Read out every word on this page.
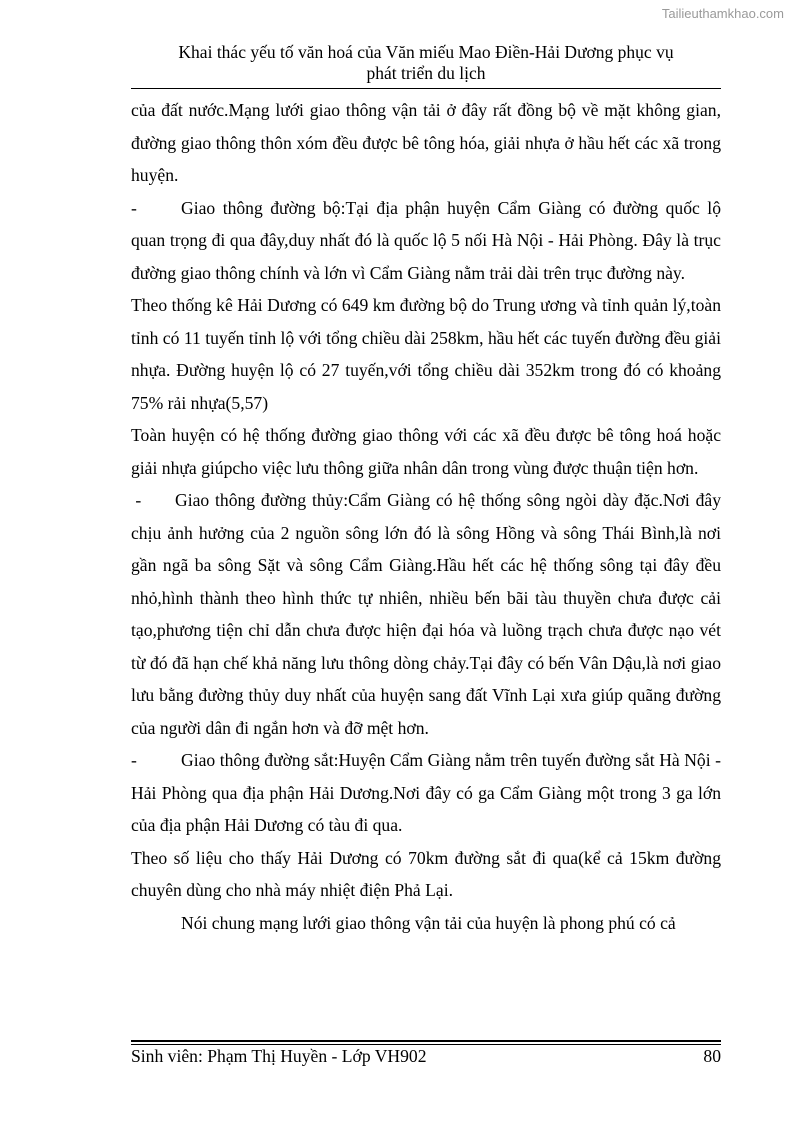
Tailieuthamkhao.com
Khai thác yếu tố văn hoá của Văn miếu Mao Điền-Hải Dương phục vụ
phát triển du lịch

của đất nước.Mạng lưới giao thông vận tải ở đây rất đồng bộ về mặt không gian, đường giao thông thôn xóm đều được bê tông hóa, giải nhựa ở hầu hết các xã trong huyện.

-	Giao thông đường bộ:Tại địa phận huyện Cẩm Giàng có đường quốc lộ quan trọng đi qua đây,duy nhất đó là quốc lộ 5 nối Hà Nội - Hải Phòng. Đây là trục đường giao thông chính và lớn vì Cẩm Giàng nằm trải dài trên trục đường này.

Theo thống kê Hải Dương có 649 km đường bộ do Trung ương và tỉnh quản lý,toàn tỉnh có 11 tuyến tỉnh lộ với tổng chiều dài 258km, hầu hết các tuyến đường đều giải nhựa. Đường huyện lộ có 27 tuyến,với tổng chiều dài 352km trong đó có khoảng 75% rải nhựa(5,57)

Toàn huyện có hệ thống đường giao thông với các xã đều được bê tông hoá hoặc giải nhựa giúpcho việc lưu thông giữa nhân dân trong vùng được thuận tiện hơn.

- Giao thông đường thủy:Cẩm Giàng có hệ thống sông ngòi dày đặc.Nơi đây chịu ảnh hưởng của 2 nguồn sông lớn đó là sông Hồng và sông Thái Bình,là nơi gần ngã ba sông Sặt và sông Cẩm Giàng.Hầu hết các hệ thống sông tại đây đều nhỏ,hình thành theo hình thức tự nhiên, nhiều bến bãi tàu thuyền chưa được cải tạo,phương tiện chỉ dẫn chưa được hiện đại hóa và luồng trạch chưa được nạo vét từ đó đã hạn chế khả năng lưu thông dòng chảy.Tại đây có bến Vân Dậu,là nơi giao lưu bằng đường thủy duy nhất của huyện sang đất Vĩnh Lại xưa giúp quãng đường của người dân đi ngắn hơn và đỡ mệt hơn.

-	Giao thông đường sắt:Huyện Cẩm Giàng nằm trên tuyến đường sắt Hà Nội - Hải Phòng qua địa phận Hải Dương.Nơi đây có ga Cẩm Giàng một trong 3 ga lớn của địa phận Hải Dương có tàu đi qua.

Theo số liệu cho thấy Hải Dương có 70km đường sắt đi qua(kể cả 15km đường chuyên dùng cho nhà máy nhiệt điện Phả Lại.

Nói chung mạng lưới giao thông vận tải của huyện là phong phú có cả

Sinh viên: Phạm Thị Huyền - Lớp VH902	80
